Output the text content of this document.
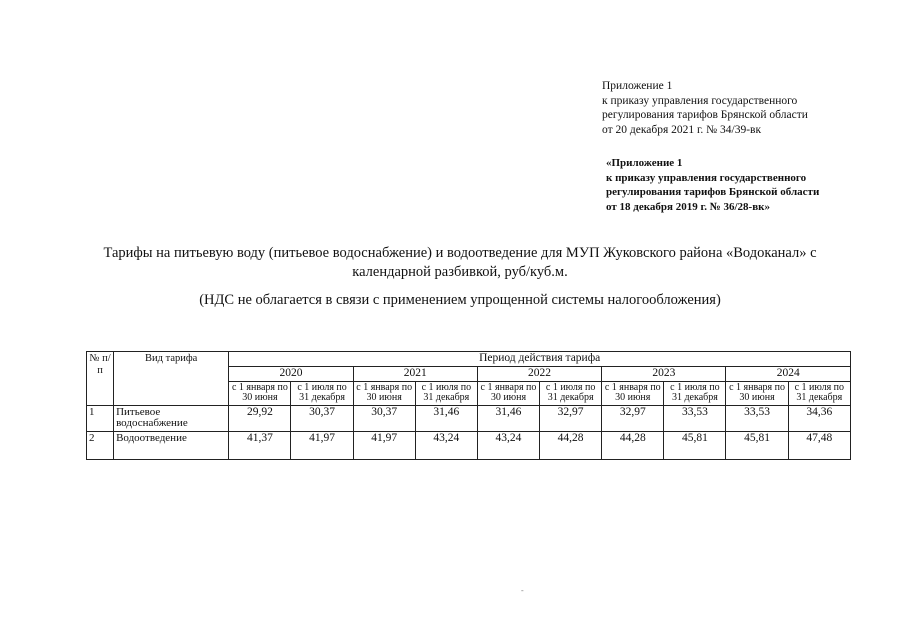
Приложение 1
к приказу управления государственного
регулирования тарифов Брянской области
от 20 декабря 2021 г. № 34/39-вк
«Приложение 1
к приказу управления государственного
регулирования тарифов Брянской области
от 18 декабря 2019 г. № 36/28-вк»
Тарифы на питьевую воду (питьевое водоснабжение) и водоотведение для МУП Жуковского района «Водоканал» с
календарной разбивкой, руб/куб.м.
(НДС не облагается в связи с применением упрощенной системы налогообложения)
№ п/п	Вид тарифа	Период действия тарифа									
		2020		2021		2022		2023		2024	
		с 1 января по 30 июня	с 1 июля по 31 декабря	с 1 января по 30 июня	с 1 июля по 31 декабря	с 1 января по 30 июня	с 1 июля по 31 декабря	с 1 января по 30 июня	с 1 июля по 31 декабря	с 1 января по 30 июня	с 1 июля по 31 декабря
1	Питьевое водоснабжение	29,92	30,37	30,37	31,46	31,46	32,97	32,97	33,53	33,53	34,36
2	Водоотведение	41,37	41,97	41,97	43,24	43,24	44,28	44,28	45,81	45,81	47,48
-
